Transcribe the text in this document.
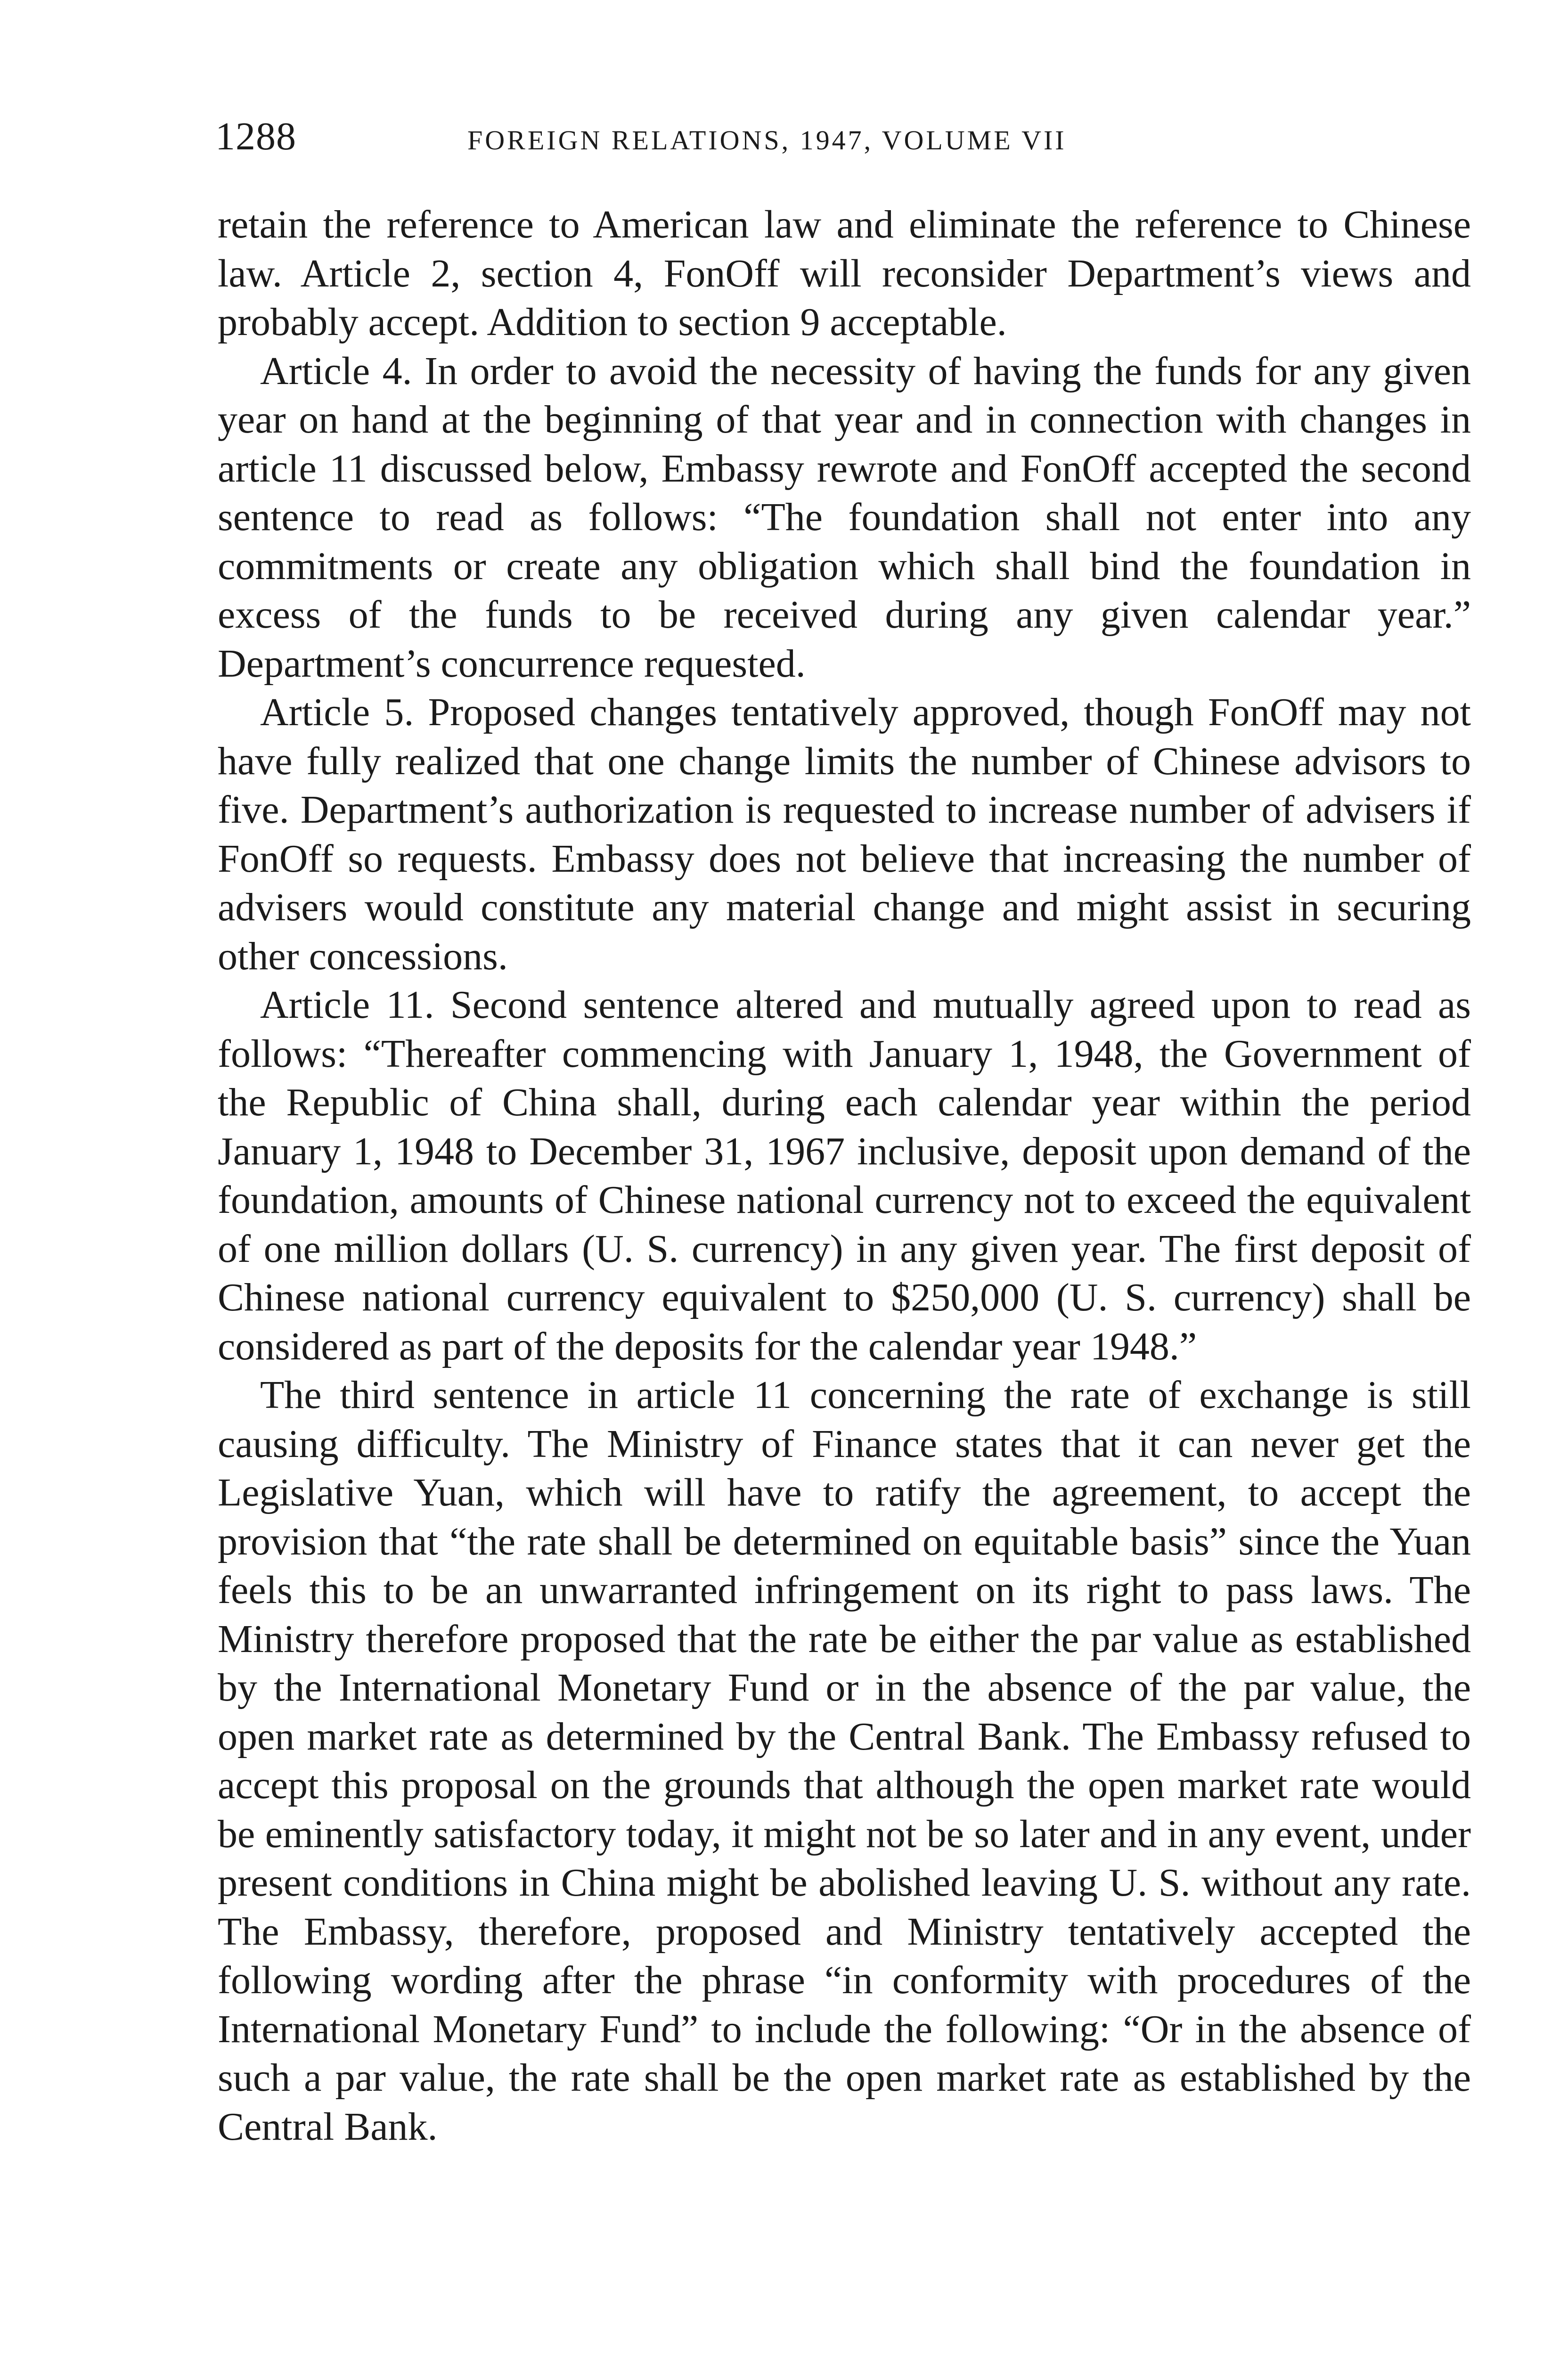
1288	FOREIGN RELATIONS, 1947, VOLUME VII

retain the reference to American law and eliminate the reference to Chinese law. Article 2, section 4, FonOff will reconsider Department’s views and probably accept. Addition to section 9 acceptable.

Article 4. In order to avoid the necessity of having the funds for any given year on hand at the beginning of that year and in connection with changes in article 11 discussed below, Embassy rewrote and FonOff accepted the second sentence to read as follows: “The foundation shall not enter into any commitments or create any obligation which shall bind the foundation in excess of the funds to be received during any given calendar year.” Department’s concurrence requested.

Article 5. Proposed changes tentatively approved, though FonOff may not have fully realized that one change limits the number of Chinese advisors to five. Department’s authorization is requested to increase number of advisers if FonOff so requests. Embassy does not believe that increasing the number of advisers would constitute any material change and might assist in securing other concessions.

Article 11. Second sentence altered and mutually agreed upon to read as follows: “Thereafter commencing with January 1, 1948, the Government of the Republic of China shall, during each calendar year within the period January 1, 1948 to December 31, 1967 inclusive, deposit upon demand of the foundation, amounts of Chinese national currency not to exceed the equivalent of one million dollars (U. S. currency) in any given year. The first deposit of Chinese national currency equivalent to $250,000 (U. S. currency) shall be considered as part of the deposits for the calendar year 1948.”

The third sentence in article 11 concerning the rate of exchange is still causing difficulty. The Ministry of Finance states that it can never get the Legislative Yuan, which will have to ratify the agreement, to accept the provision that “the rate shall be determined on equitable basis” since the Yuan feels this to be an unwarranted infringement on its right to pass laws. The Ministry therefore proposed that the rate be either the par value as established by the International Monetary Fund or in the absence of the par value, the open market rate as determined by the Central Bank. The Embassy refused to accept this proposal on the grounds that although the open market rate would be eminently satisfactory today, it might not be so later and in any event, under present conditions in China might be abolished leaving U. S. without any rate. The Embassy, therefore, proposed and Ministry tentatively accepted the following wording after the phrase “in conformity with procedures of the International Monetary Fund” to include the following: “Or in the absence of such a par value, the rate shall be the open market rate as established by the Central Bank.
